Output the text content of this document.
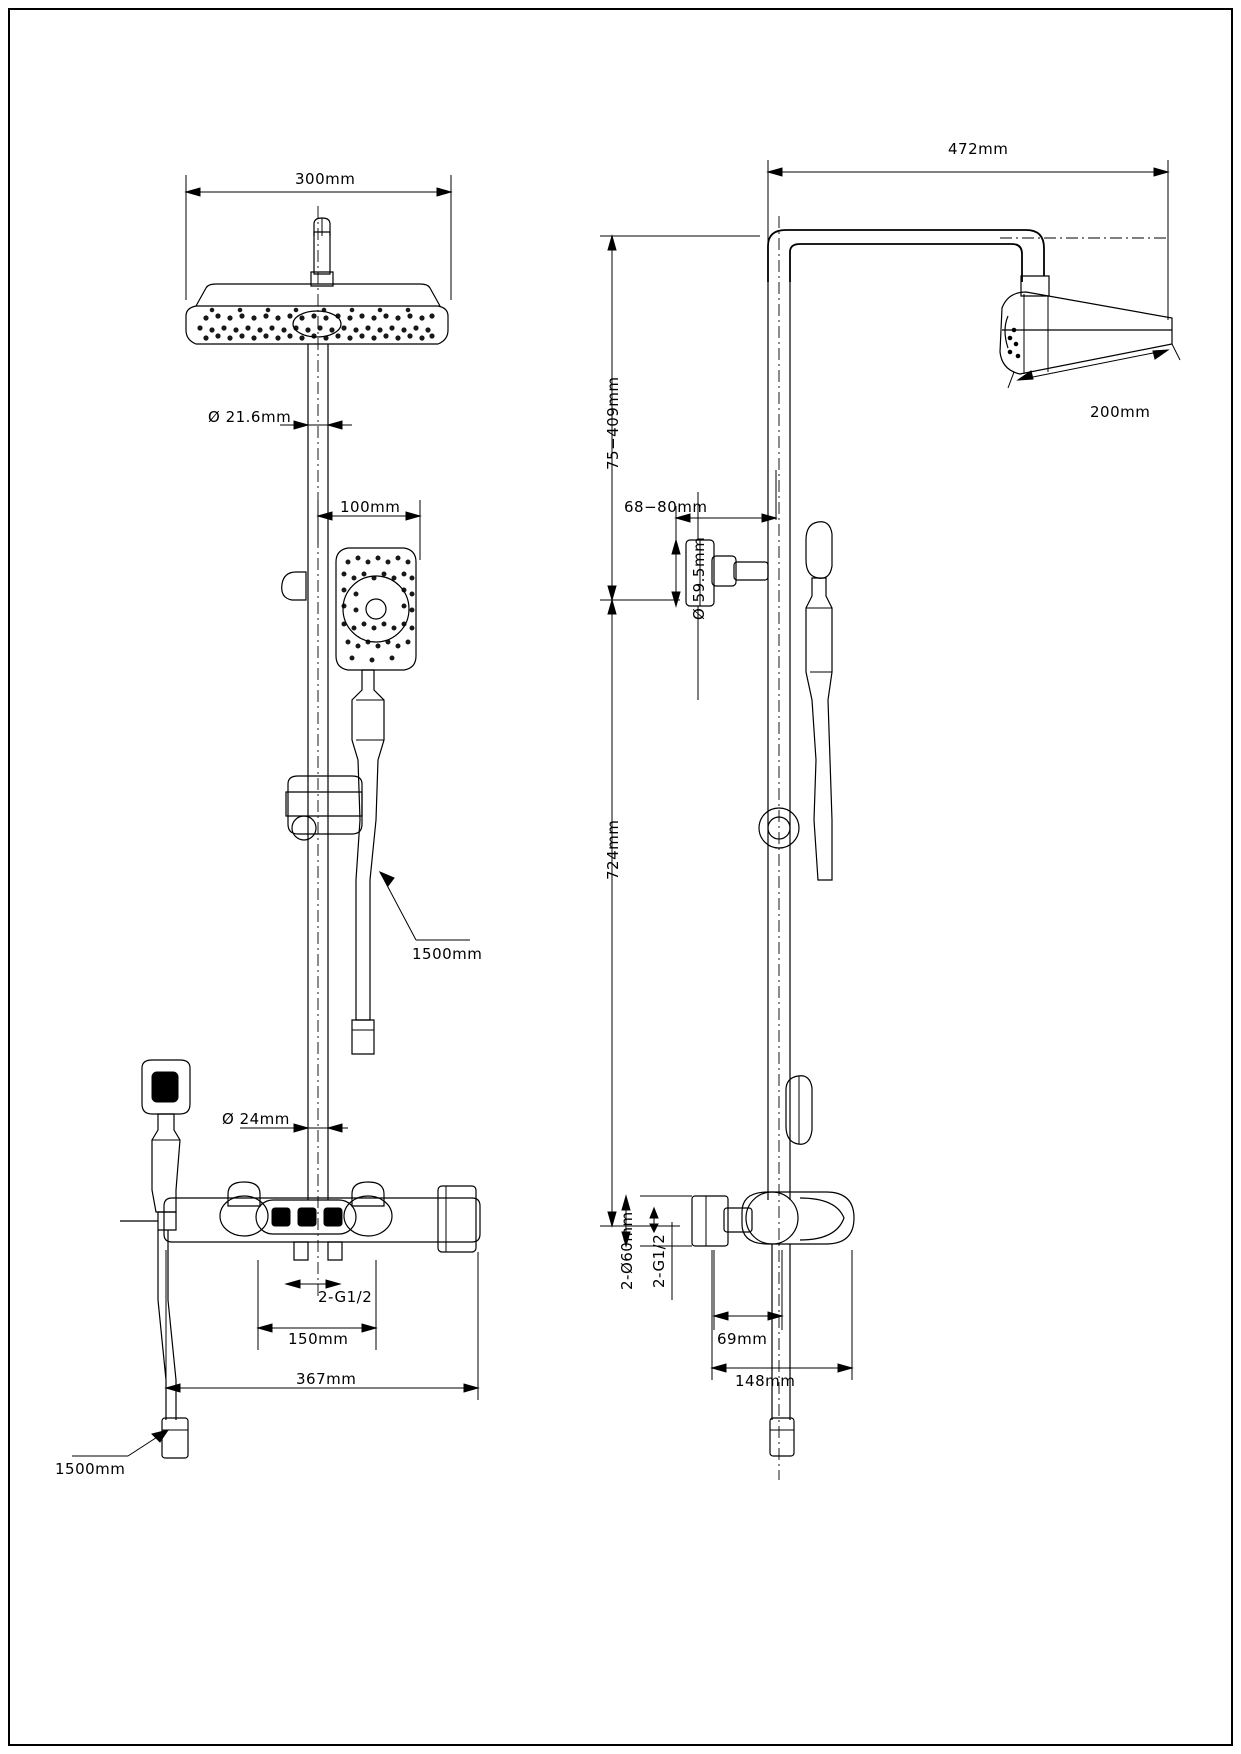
300mm
Ø 21.6mm
100mm
1500mm
Ø 24mm
2-G1/2
150mm
367mm
1500mm
472mm
200mm
75−409mm
68−80mm
Ø 59.5mm
724mm
2-Ø60mm 2-G1/2
69mm
148mm
